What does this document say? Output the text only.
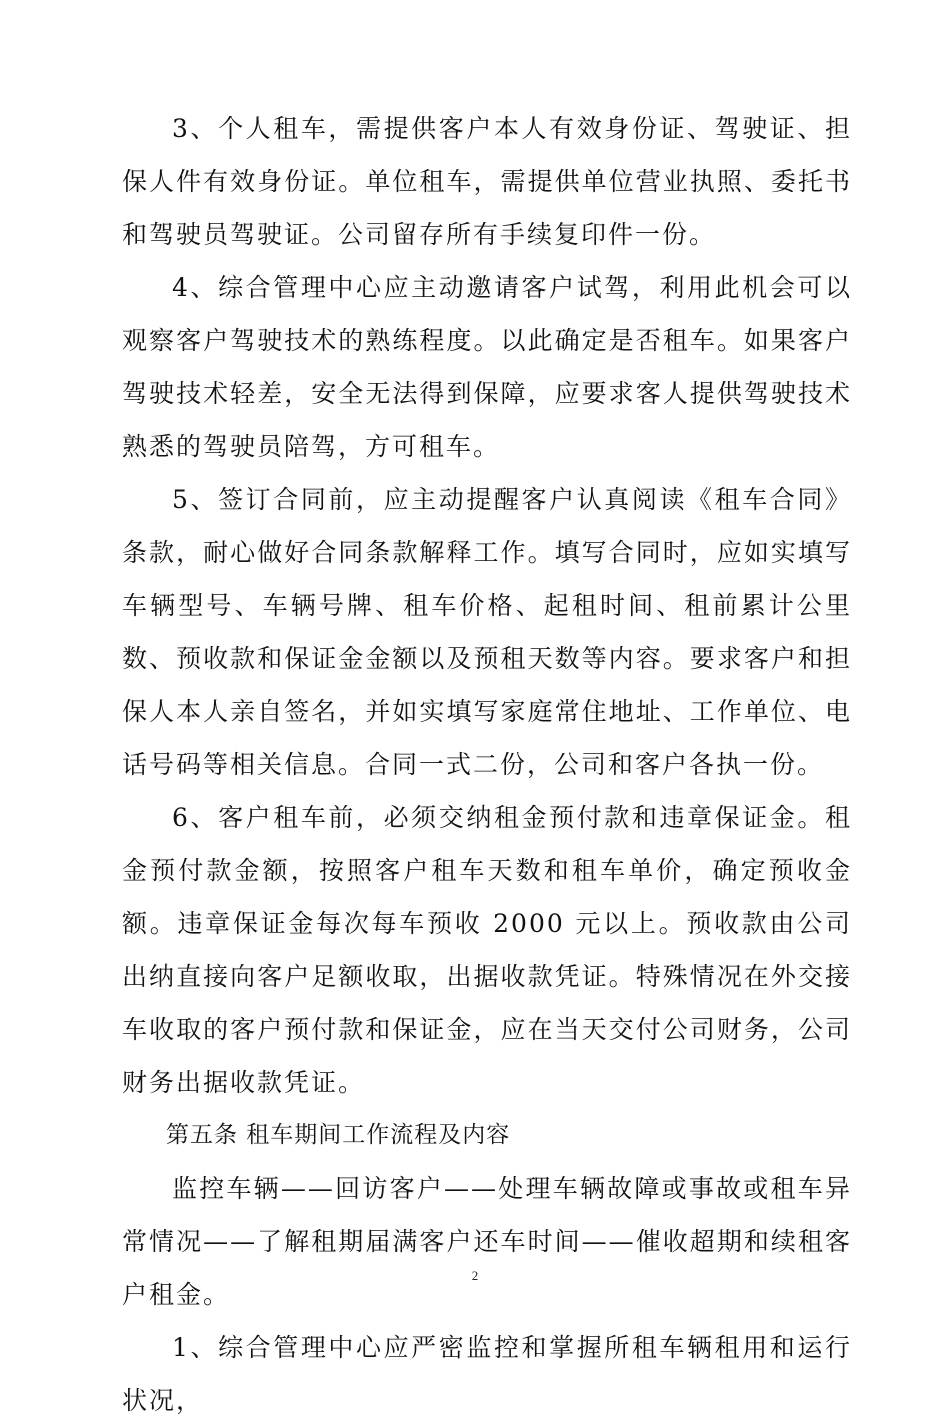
3、个人租车，需提供客户本人有效身份证、驾驶证、担保人件有效身份证。单位租车，需提供单位营业执照、委托书和驾驶员驾驶证。公司留存所有手续复印件一份。

4、综合管理中心应主动邀请客户试驾，利用此机会可以观察客户驾驶技术的熟练程度。以此确定是否租车。如果客户驾驶技术轻差，安全无法得到保障，应要求客人提供驾驶技术熟悉的驾驶员陪驾，方可租车。

5、签订合同前，应主动提醒客户认真阅读《租车合同》条款，耐心做好合同条款解释工作。填写合同时，应如实填写车辆型号、车辆号牌、租车价格、起租时间、租前累计公里数、预收款和保证金金额以及预租天数等内容。要求客户和担保人本人亲自签名，并如实填写家庭常住地址、工作单位、电话号码等相关信息。合同一式二份，公司和客户各执一份。

6、客户租车前，必须交纳租金预付款和违章保证金。租金预付款金额，按照客户租车天数和租车单价，确定预收金额。违章保证金每次每车预收 2000 元以上。预收款由公司出纳直接向客户足额收取，出据收款凭证。特殊情况在外交接车收取的客户预付款和保证金，应在当天交付公司财务，公司财务出据收款凭证。

第五条 租车期间工作流程及内容

监控车辆——回访客户——处理车辆故障或事故或租车异常情况——了解租期届满客户还车时间——催收超期和续租客户租金。

1、综合管理中心应严密监控和掌握所租车辆租用和运行状况，

2
